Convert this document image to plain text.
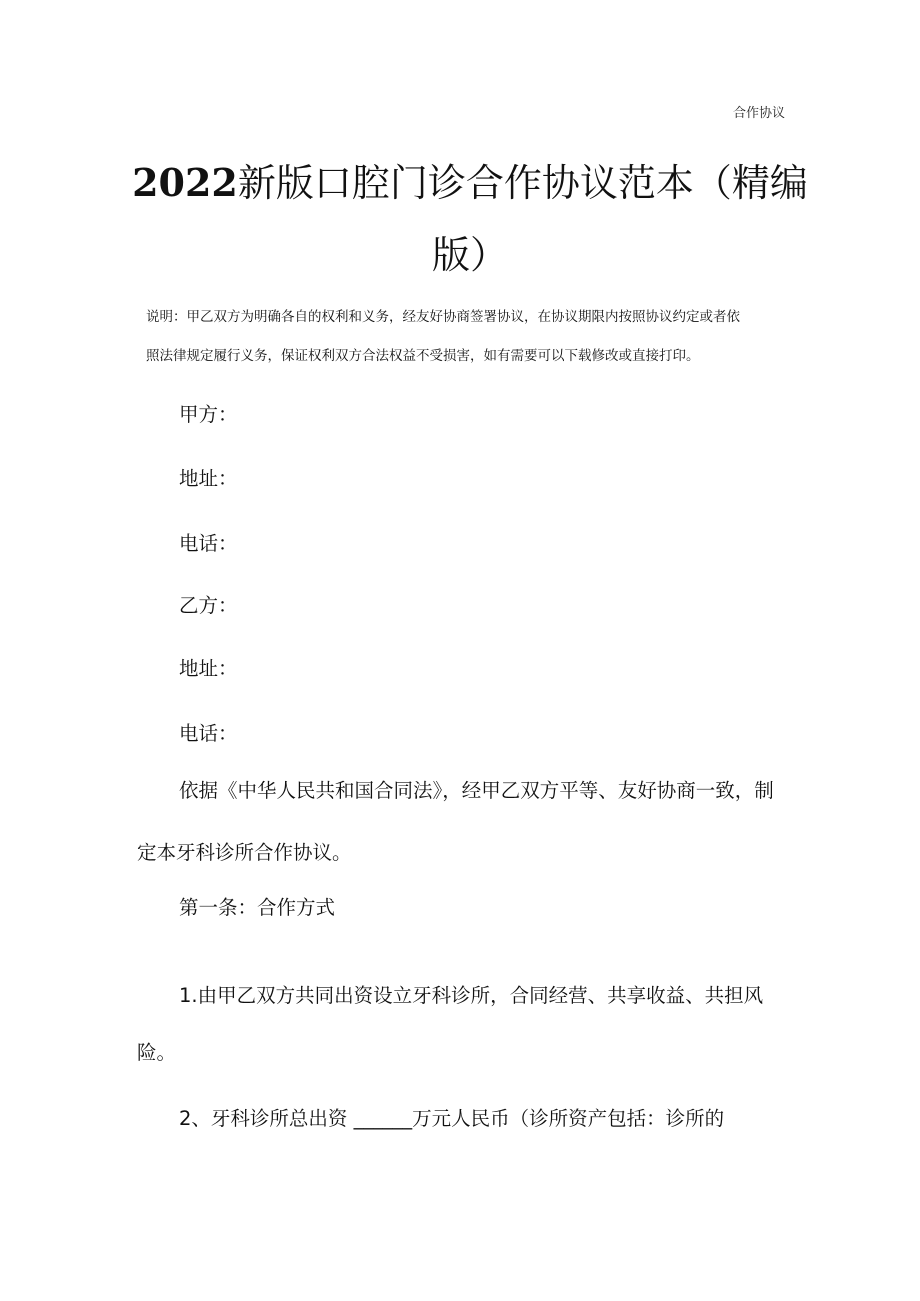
合作协议
2022新版口腔门诊合作协议范本（精编
版）
说明：甲乙双方为明确各自的权利和义务，经友好协商签署协议，在协议期限内按照协议约定或者依
照法律规定履行义务，保证权利双方合法权益不受损害，如有需要可以下载修改或直接打印。
甲方：
地址：
电话：
乙方：
地址：
电话：
依据《中华人民共和国合同法》，经甲乙双方平等、友好协商一致，制
定本牙科诊所合作协议。
第一条：合作方式
1.由甲乙双方共同出资设立牙科诊所，合同经营、共享收益、共担风
险。
2、牙科诊所总出资 ______万元人民币（诊所资产包括：诊所的
